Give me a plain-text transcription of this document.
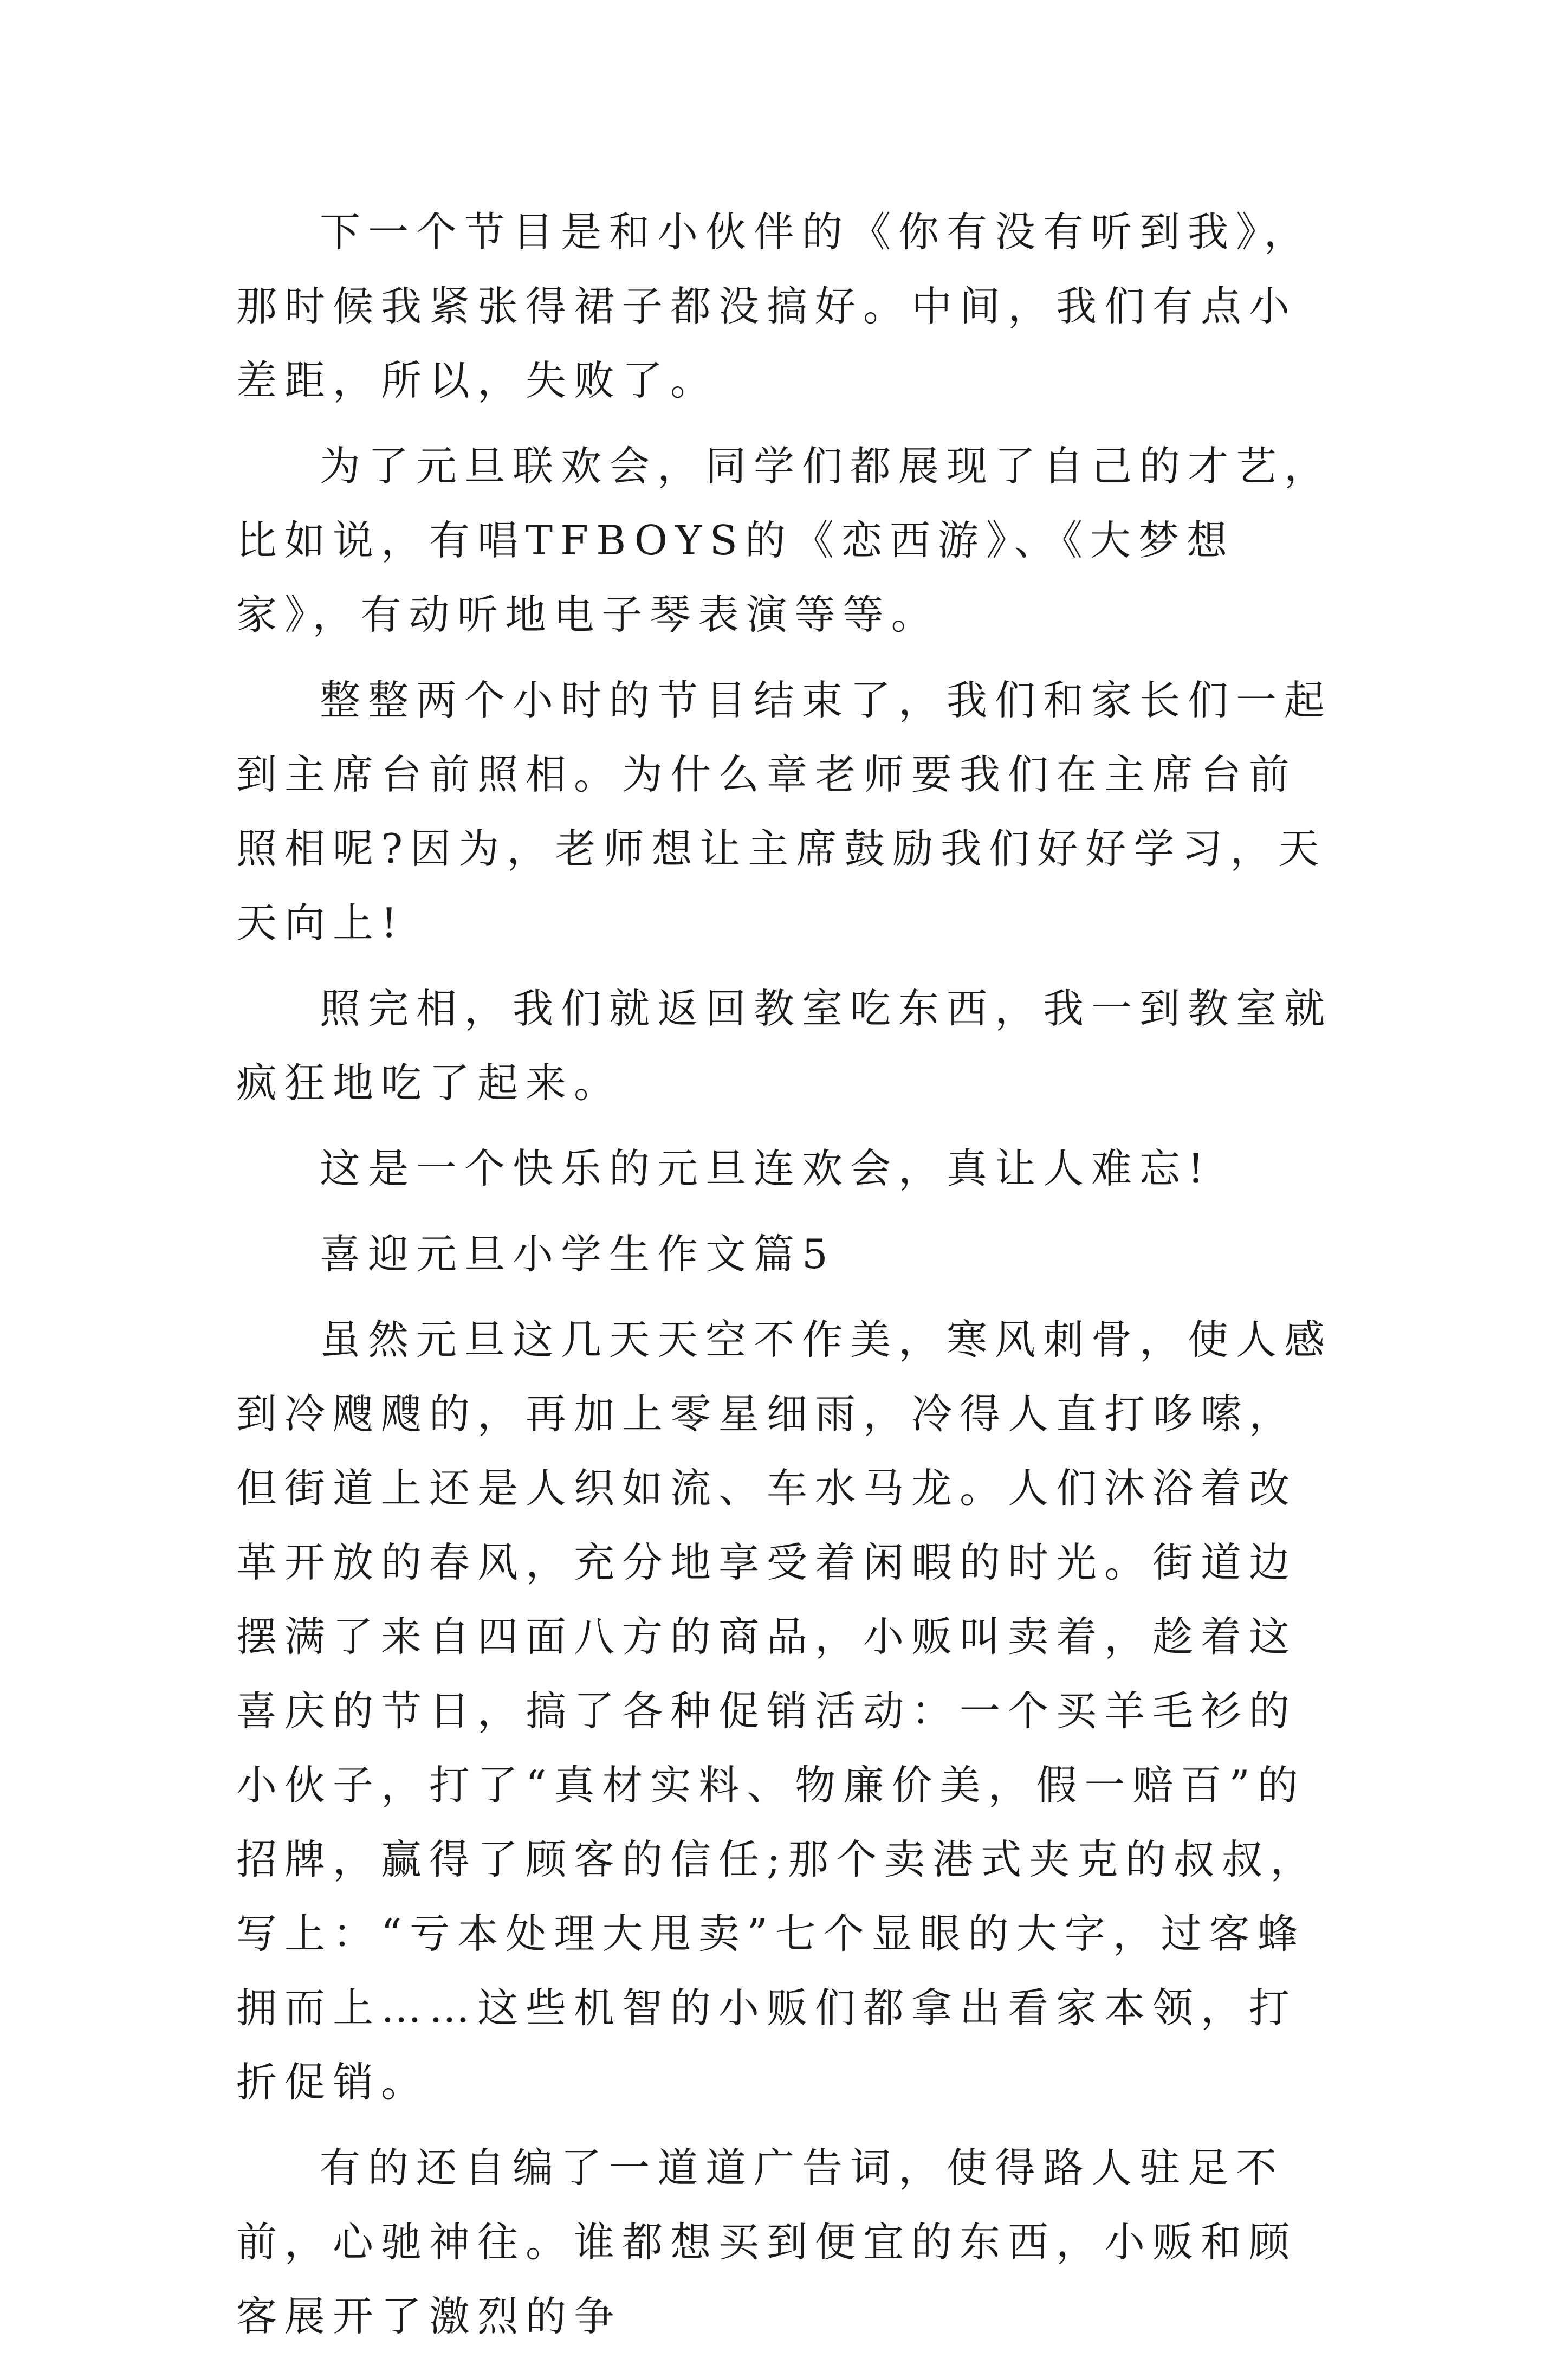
下一个节目是和小伙伴的《你有没有听到我》，那时候我紧张得裙子都没搞好。中间，我们有点小差距，所以，失败了。

为了元旦联欢会，同学们都展现了自己的才艺，比如说，有唱TFBOYS的《恋西游》、《大梦想家》，有动听地电子琴表演等等。

整整两个小时的节目结束了，我们和家长们一起到主席台前照相。为什么章老师要我们在主席台前照相呢?因为，老师想让主席鼓励我们好好学习，天天向上!

照完相，我们就返回教室吃东西，我一到教室就疯狂地吃了起来。

这是一个快乐的元旦连欢会，真让人难忘!

喜迎元旦小学生作文篇5

虽然元旦这几天天空不作美，寒风刺骨，使人感到冷飕飕的，再加上零星细雨，冷得人直打哆嗦，但街道上还是人织如流、车水马龙。人们沐浴着改革开放的春风，充分地享受着闲暇的时光。街道边摆满了来自四面八方的商品，小贩叫卖着，趁着这喜庆的节日，搞了各种促销活动：一个买羊毛衫的小伙子，打了“真材实料、物廉价美，假一赔百”的招牌，赢得了顾客的信任;那个卖港式夹克的叔叔，写上：“亏本处理大甩卖”七个显眼的大字，过客蜂拥而上……这些机智的小贩们都拿出看家本领，打折促销。

有的还自编了一道道广告词，使得路人驻足不前，心驰神往。谁都想买到便宜的东西，小贩和顾客展开了激烈的争
